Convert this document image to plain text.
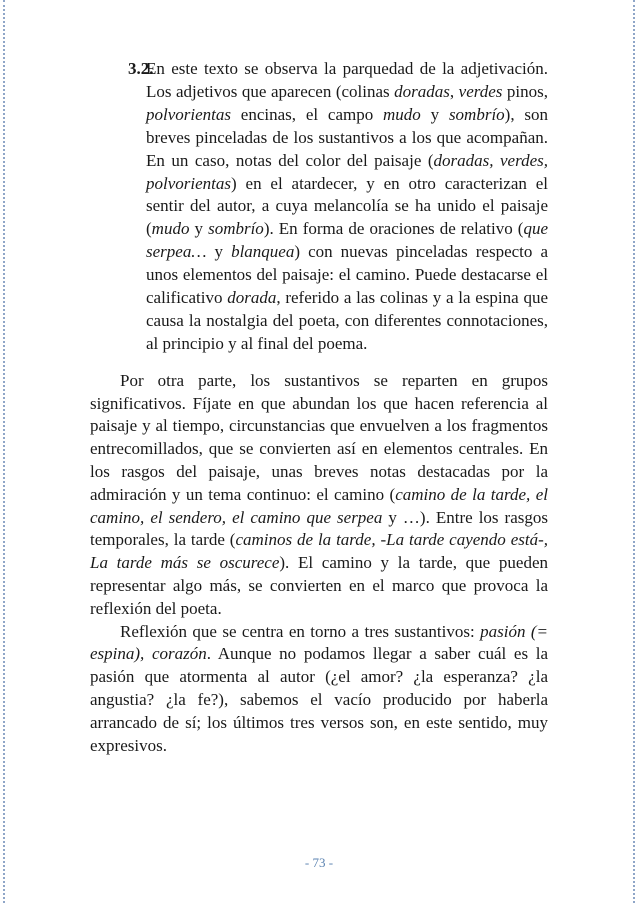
3.2.
En este texto se observa la parquedad de la adjetivación. Los adjetivos que aparecen (colinas doradas, verdes pinos, polvorientas encinas, el campo mudo y sombrío), son breves pinceladas de los sustantivos a los que acompañan. En un caso, notas del color del paisaje (doradas, verdes, polvorientas) en el atardecer, y en otro caracterizan el sentir del autor, a cuya melancolía se ha unido el paisaje (mudo y sombrío). En forma de oraciones de relativo (que serpea… y blanquea) con nuevas pinceladas respecto a unos elementos del paisaje: el camino. Puede destacarse el calificativo dorada, referido a las colinas y a la espina que causa la nostalgia del poeta, con diferentes connotaciones, al principio y al final del poema.

Por otra parte, los sustantivos se reparten en grupos significativos. Fíjate en que abundan los que hacen referencia al paisaje y al tiempo, circunstancias que envuelven a los fragmentos entrecomillados, que se convierten así en elementos centrales. En los rasgos del paisaje, unas breves notas destacadas por la admiración y un tema continuo: el camino (camino de la tarde, el camino, el sendero, el camino que serpea y …). Entre los rasgos temporales, la tarde (caminos de la tarde, -La tarde cayendo está-, La tarde más se oscurece). El camino y la tarde, que pueden representar algo más, se convierten en el marco que provoca la reflexión del poeta.

Reflexión que se centra en torno a tres sustantivos: pasión (= espina), corazón. Aunque no podamos llegar a saber cuál es la pasión que atormenta al autor (¿el amor? ¿la esperanza? ¿la angustia? ¿la fe?), sabemos el vacío producido por haberla arrancado de sí; los últimos tres versos son, en este sentido, muy expresivos.

- 73 -
